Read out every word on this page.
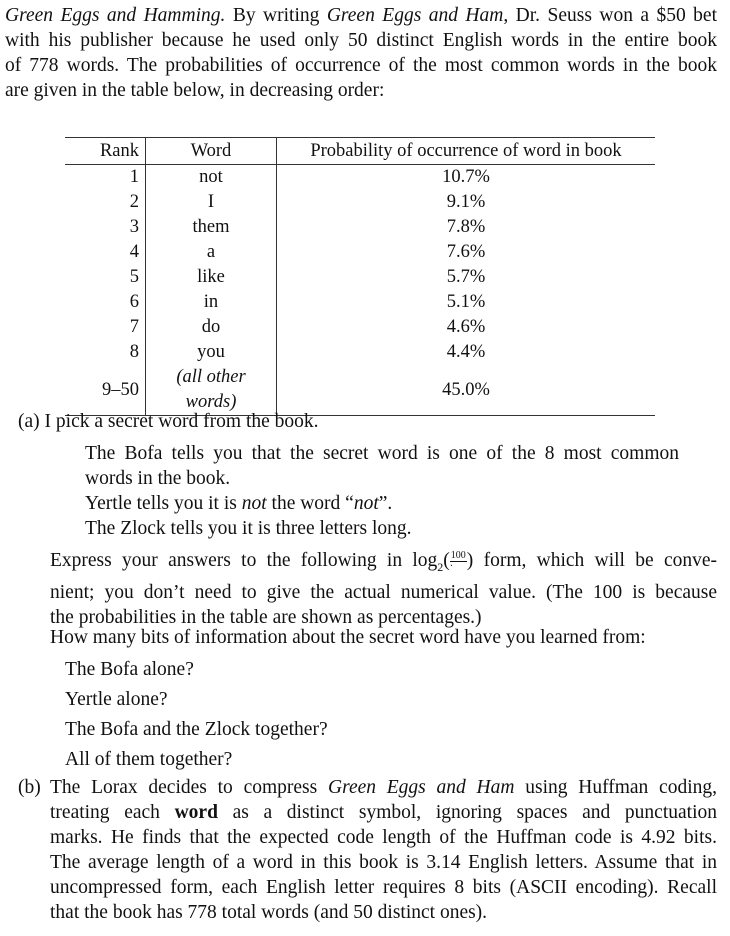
Green Eggs and Hamming. By writing Green Eggs and Ham, Dr. Seuss won a $50 bet
with his publisher because he used only 50 distinct English words in the entire book
of 778 words. The probabilities of occurrence of the most common words in the book
are given in the table below, in decreasing order:
Rank	Word	Probability of occurrence of word in book
1	not	10.7%
2	I	9.1%
3	them	7.8%
4	a	7.6%
5	like	5.7%
6	in	5.1%
7	do	4.6%
8	you	4.4%
9–50	(all other words)	45.0%
(a) I pick a secret word from the book.
The Bofa tells you that the secret word is one of the 8 most common
words in the book.
Yertle tells you it is not the word “not”.
The Zlock tells you it is three letters long.
Express your answers to the following in $\log_2( \frac{100}{\cdot}$ ) form, which will be conve-
nient; you don’t need to give the actual numerical value. (The 100 is because
the probabilities in the table are shown as percentages.)
How many bits of information about the secret word have you learned from:
The Bofa alone?
Yertle alone?
The Bofa and the Zlock together?
All of them together?
(b) The Lorax decides to compress Green Eggs and Ham using Huffman coding,
treating each word as a distinct symbol, ignoring spaces and punctuation
marks. He finds that the expected code length of the Huffman code is 4.92 bits.
The average length of a word in this book is 3.14 English letters. Assume that in
uncompressed form, each English letter requires 8 bits (ASCII encoding). Recall
that the book has 778 total words (and 50 distinct ones).
